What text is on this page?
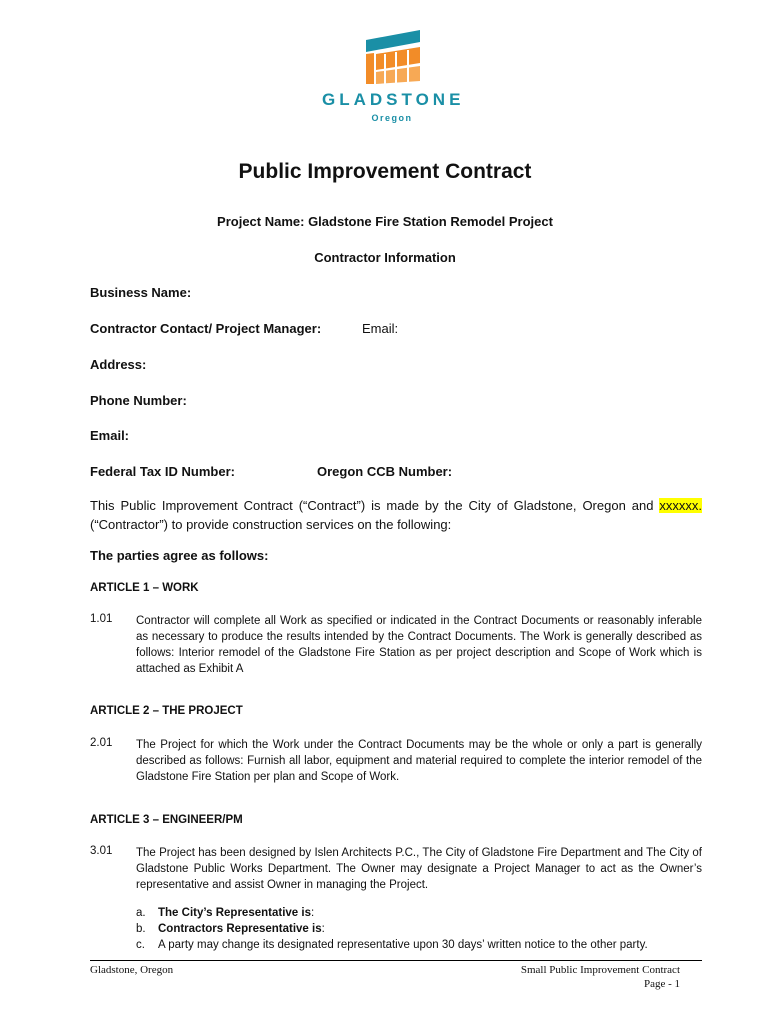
GLADSTONE
Oregon
Public Improvement Contract
Project Name: Gladstone Fire Station Remodel Project
Contractor Information
Business Name:
Contractor Contact/ Project Manager:	Email:
Address:
Phone Number:
Email:
Federal Tax ID Number:	Oregon CCB Number:
This Public Improvement Contract (“Contract”) is made by the City of Gladstone, Oregon and xxxxxx.
(“Contractor”) to provide construction services on the following:
The parties agree as follows:
ARTICLE 1 – WORK
1.01 Contractor will complete all Work as specified or indicated in the Contract Documents or reasonably inferable as necessary to produce the results intended by the Contract Documents. The Work is generally described as follows: Interior remodel of the Gladstone Fire Station as per project description and Scope of Work which is attached as Exhibit A
ARTICLE 2 – THE PROJECT
2.01 The Project for which the Work under the Contract Documents may be the whole or only a part is generally described as follows: Furnish all labor, equipment and material required to complete the interior remodel of the Gladstone Fire Station per plan and Scope of Work.
ARTICLE 3 – ENGINEER/PM
3.01 The Project has been designed by Islen Architects P.C., The City of Gladstone Fire Department and The City of Gladstone Public Works Department. The Owner may designate a Project Manager to act as the Owner’s representative and assist Owner in managing the Project.
a. The City’s Representative is:
b. Contractors Representative is:
c. A party may change its designated representative upon 30 days’ written notice to the other party.
Gladstone, Oregon	Small Public Improvement Contract
Page - 1
